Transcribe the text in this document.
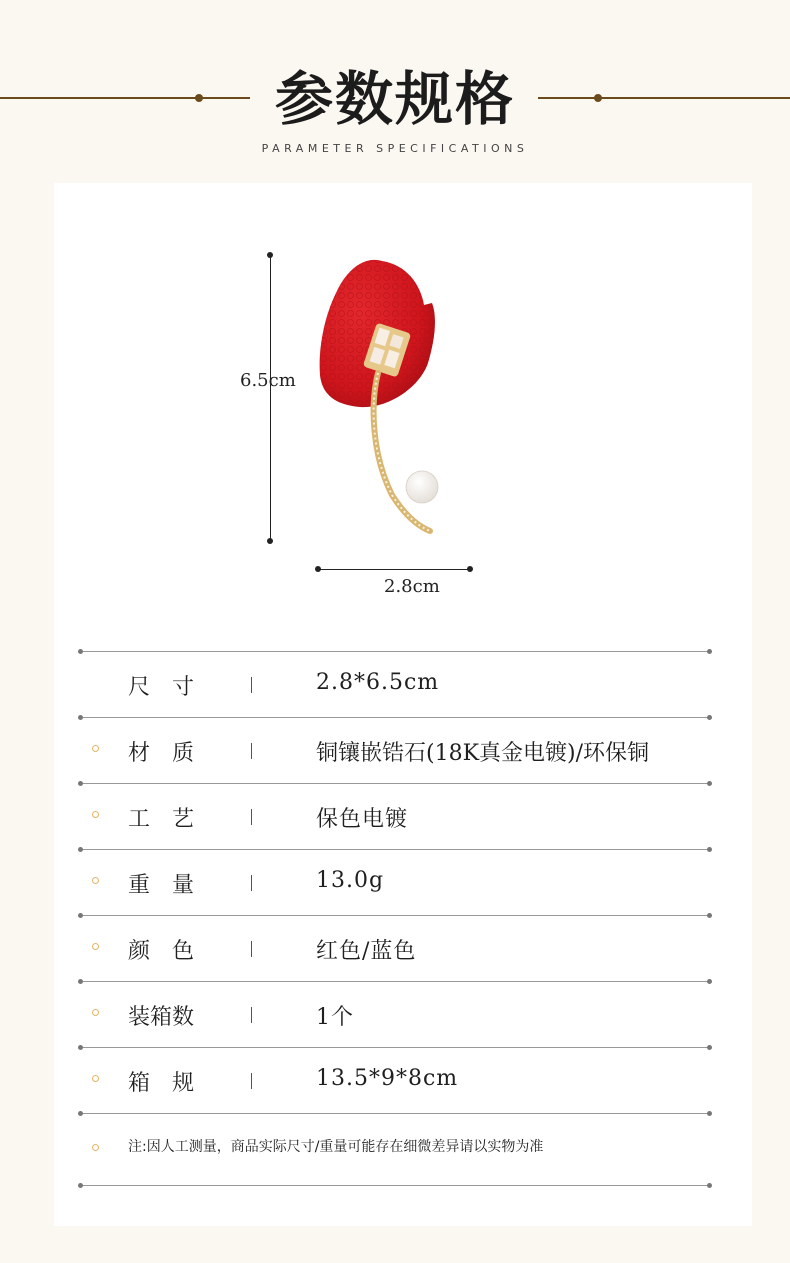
参数规格
PARAMETER SPECIFICATIONS
6.5cm
2.8cm
尺　寸	2.8*6.5cm
材　质	铜镶嵌锆石(18K真金电镀)/环保铜
工　艺	保色电镀
重　量	13.0g
颜　色	红色/蓝色
装箱数	1个
箱　规	13.5*9*8cm
注:因人工测量，商品实际尺寸/重量可能存在细微差异请以实物为准
